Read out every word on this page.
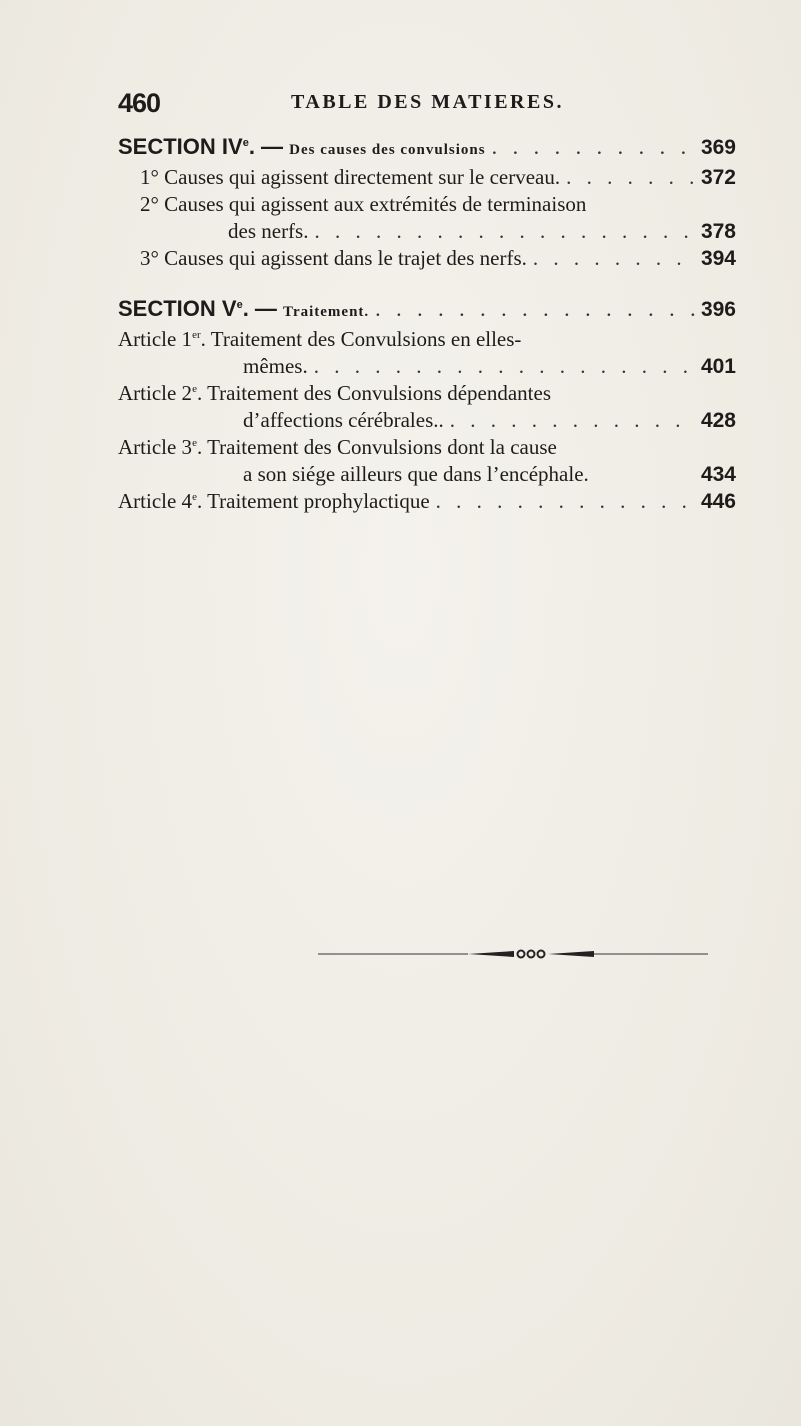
460	TABLE DES MATIERES.
SECTION IVe. — Des causes des convulsions . . .	369
1° Causes qui agissent directement sur le cerveau. . . .	372
2° Causes qui agissent aux extrémités de terminaison
des nerfs. . . .	378
3° Causes qui agissent dans le trajet des nerfs. . . .	394
SECTION Ve. — Traitement. . . .	396
Article 1er. Traitement des Convulsions en elles-
mêmes. . . .	401
Article 2e. Traitement des Convulsions dépendantes
d’affections cérébrales.. . . .	428
Article 3e. Traitement des Convulsions dont la cause
a son siége ailleurs que dans l’encéphale.	434
Article 4e. Traitement prophylactique . . .	446
